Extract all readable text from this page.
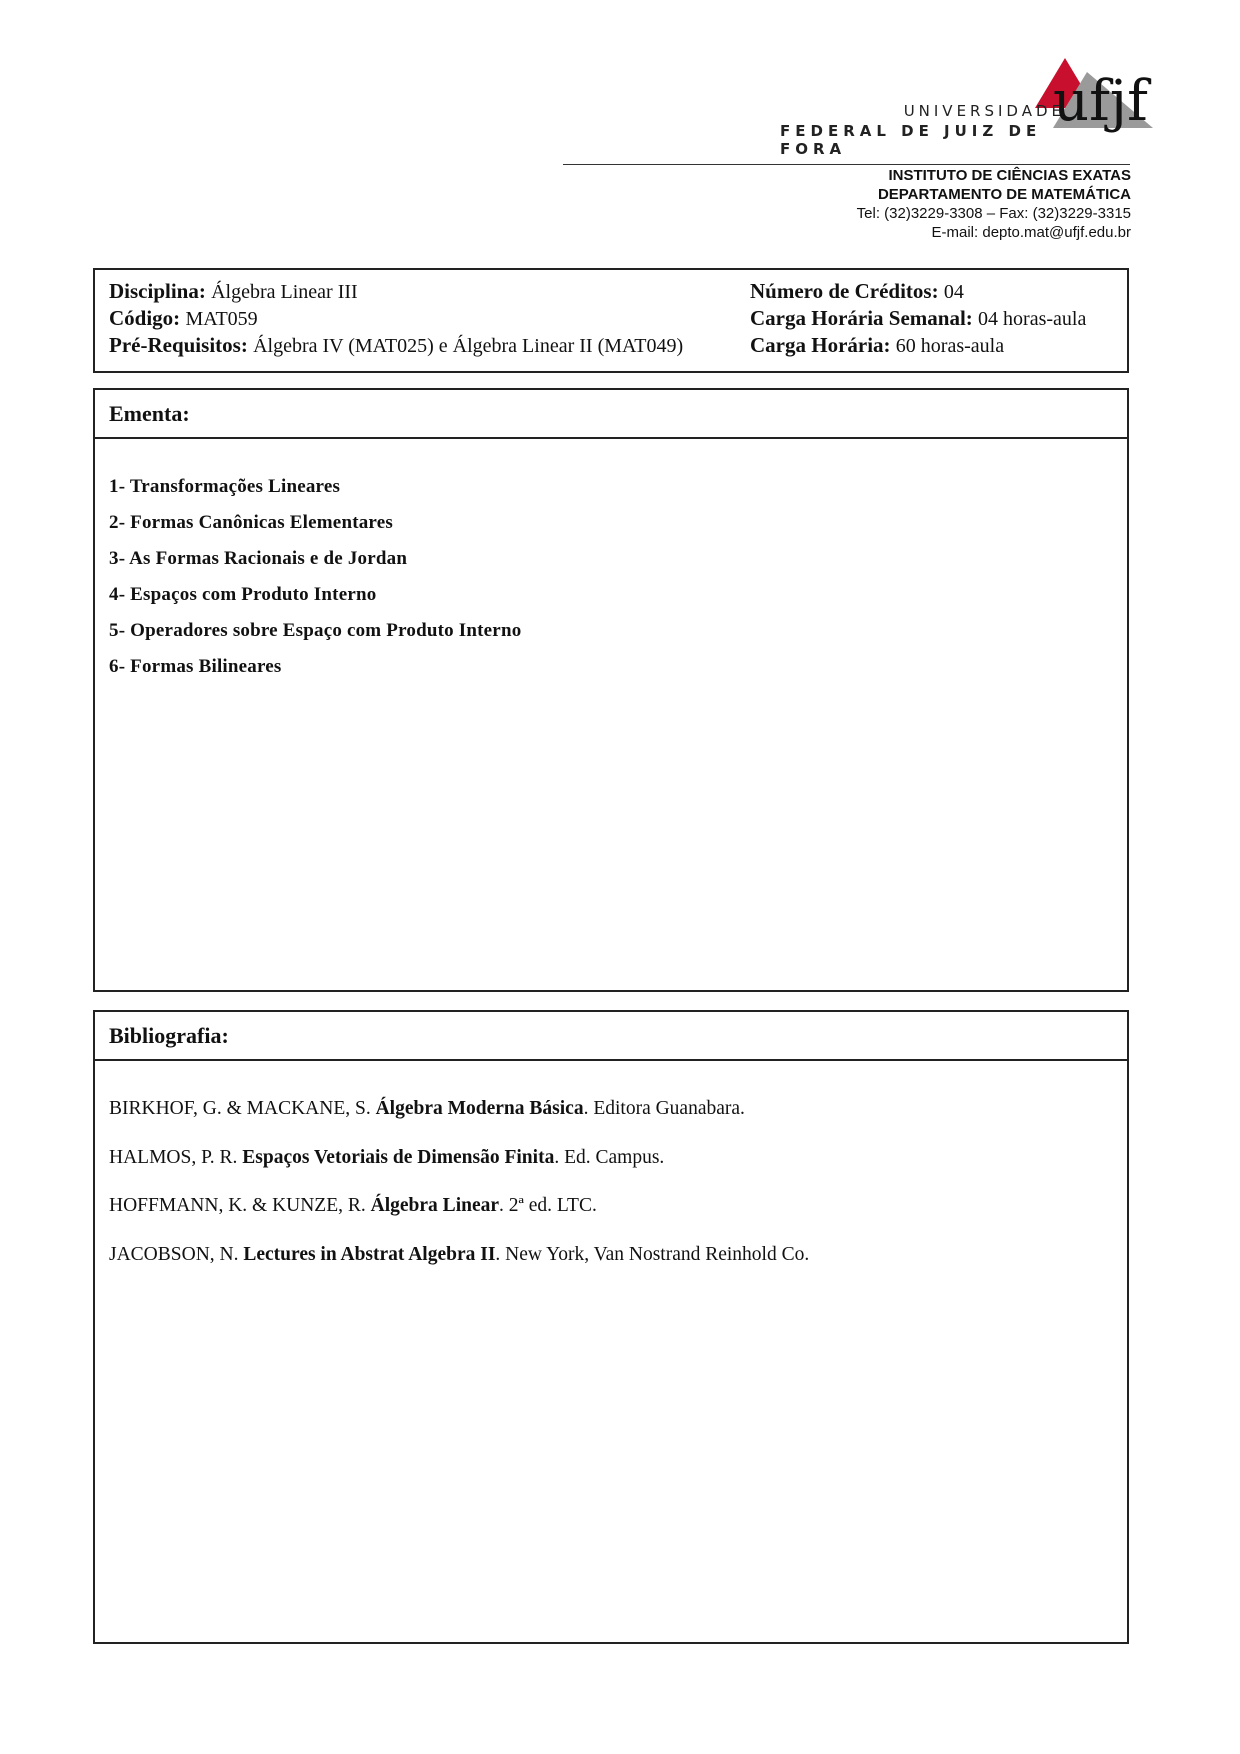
ufjf
UNIVERSIDADE
FEDERAL DE JUIZ DE FORA
INSTITUTO DE CIÊNCIAS EXATAS
DEPARTAMENTO DE MATEMÁTICA
Tel: (32)3229-3308 – Fax: (32)3229-3315
E-mail: depto.mat@ufjf.edu.br
Disciplina: Álgebra Linear III
Código: MAT059
Pré-Requisitos: Álgebra IV (MAT025) e Álgebra Linear II (MAT049)
Número de Créditos: 04
Carga Horária Semanal: 04 horas-aula
Carga Horária: 60 horas-aula
Ementa:
1- Transformações Lineares
2- Formas Canônicas Elementares
3- As Formas Racionais e de Jordan
4- Espaços com Produto Interno
5- Operadores sobre Espaço com Produto Interno
6- Formas Bilineares
Bibliografia:
BIRKHOF, G. & MACKANE, S. Álgebra Moderna Básica. Editora Guanabara.
HALMOS, P. R. Espaços Vetoriais de Dimensão Finita. Ed. Campus.
HOFFMANN, K. & KUNZE, R. Álgebra Linear. 2ª ed. LTC.
JACOBSON, N. Lectures in Abstrat Algebra II. New York, Van Nostrand Reinhold Co.
